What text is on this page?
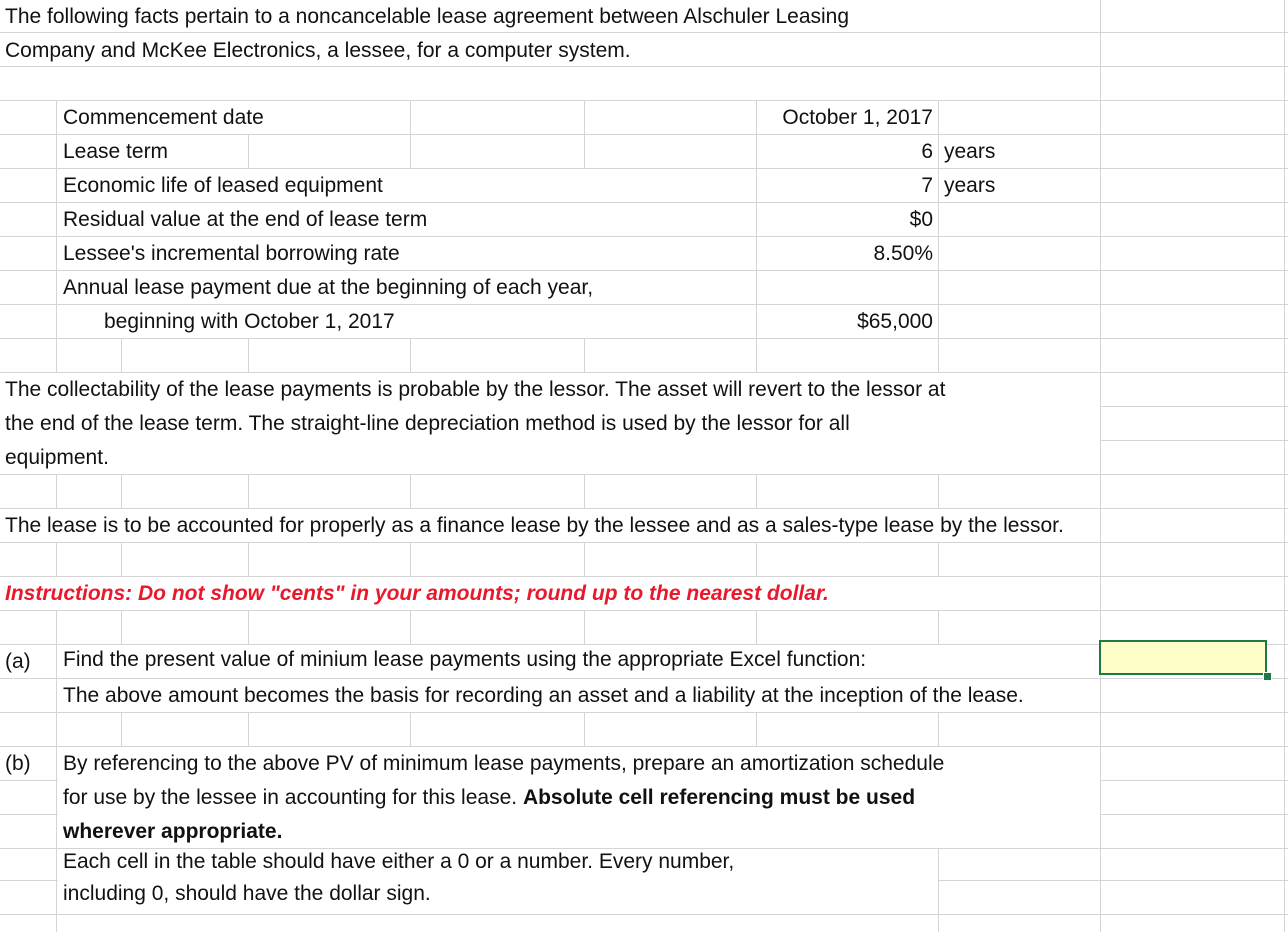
The following facts pertain to a noncancelable lease agreement between Alschuler Leasing
Company and McKee Electronics, a lessee, for a computer system.
Commencement date	October 1, 2017
Lease term	6 years
Economic life of leased equipment	7 years
Residual value at the end of lease term	$0
Lessee's incremental borrowing rate	8.50%
Annual lease payment due at the beginning of each year,
beginning with October 1, 2017	$65,000
The collectability of the lease payments is probable by the lessor. The asset will revert to the lessor at
the end of the lease term. The straight-line depreciation method is used by the lessor for all
equipment.
The lease is to be accounted for properly as a finance lease by the lessee and as a sales-type lease by the lessor.
Instructions: Do not show "cents" in your amounts; round up to the nearest dollar.
(a) Find the present value of minium lease payments using the appropriate Excel function:
The above amount becomes the basis for recording an asset and a liability at the inception of the lease.
(b) By referencing to the above PV of minimum lease payments, prepare an amortization schedule
for use by the lessee in accounting for this lease. Absolute cell referencing must be used
wherever appropriate.
Each cell in the table should have either a 0 or a number. Every number,
including 0, should have the dollar sign.
